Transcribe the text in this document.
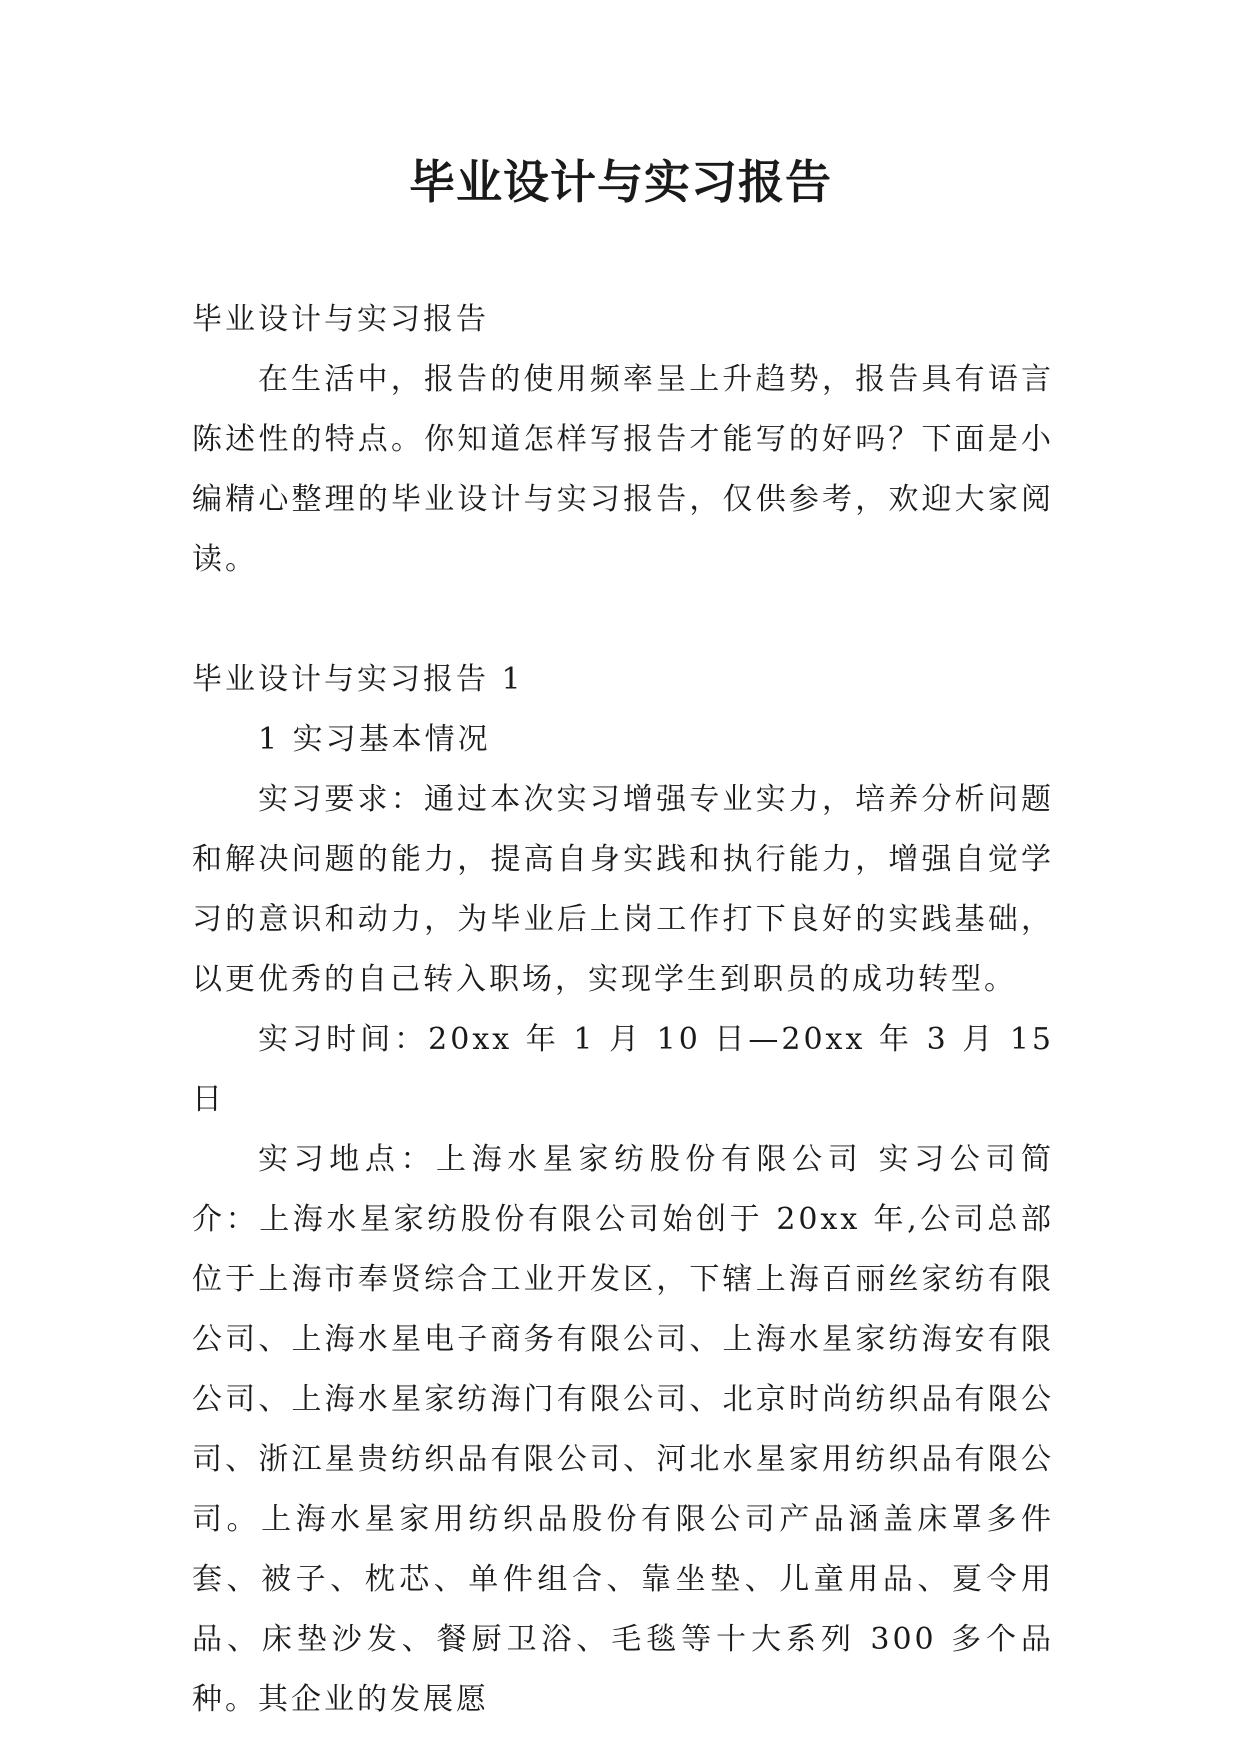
毕业设计与实习报告

毕业设计与实习报告

在生活中，报告的使用频率呈上升趋势，报告具有语言陈述性的特点。你知道怎样写报告才能写的好吗？下面是小编精心整理的毕业设计与实习报告，仅供参考，欢迎大家阅读。

毕业设计与实习报告 1

1 实习基本情况

实习要求：通过本次实习增强专业实力，培养分析问题和解决问题的能力，提高自身实践和执行能力，增强自觉学习的意识和动力，为毕业后上岗工作打下良好的实践基础，以更优秀的自己转入职场，实现学生到职员的成功转型。

实习时间：20xx 年 1 月 10 日—20xx 年 3 月 15 日

实习地点：上海水星家纺股份有限公司 实习公司简介：上海水星家纺股份有限公司始创于 20xx 年,公司总部位于上海市奉贤综合工业开发区，下辖上海百丽丝家纺有限公司、上海水星电子商务有限公司、上海水星家纺海安有限公司、上海水星家纺海门有限公司、北京时尚纺织品有限公司、浙江星贵纺织品有限公司、河北水星家用纺织品有限公司。上海水星家用纺织品股份有限公司产品涵盖床罩多件套、被子、枕芯、单件组合、靠坐垫、儿童用品、夏令用品、床垫沙发、餐厨卫浴、毛毯等十大系列 300 多个品种。其企业的发展愿
